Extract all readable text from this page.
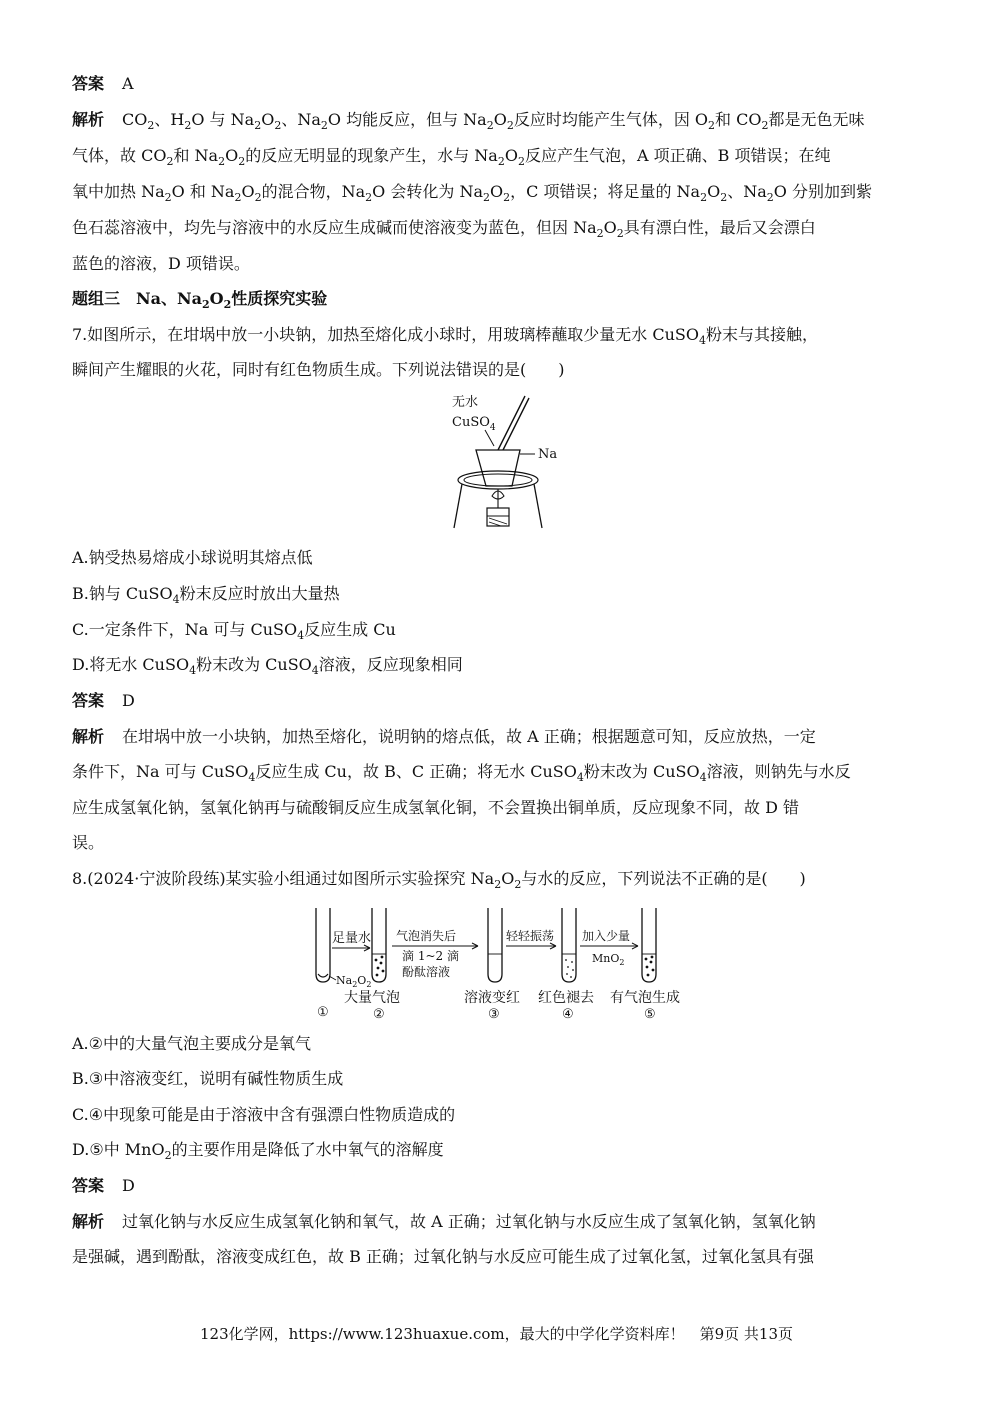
答案 A
解析 $CO_2$、$H_2O$ 与 $Na_2O_2$、$Na_2O$ 均能反应，但与 $Na_2O_2$反应时均能产生气体，因 $O_2$和 $CO_2$都是无色无味
气体，故 $CO_2$和 $Na_2O_2$的反应无明显的现象产生，水与 $Na_2O_2$反应产生气泡，A 项正确、B 项错误；在纯
氧中加热 $Na_2O$ 和 $Na_2O_2$的混合物，$Na_2O$ 会转化为 $Na_2O_2$，C 项错误；将足量的 $Na_2O_2$、$Na_2O$ 分别加到紫
色石蕊溶液中，均先与溶液中的水反应生成碱而使溶液变为蓝色，但因 $Na_2O_2$具有漂白性，最后又会漂白
蓝色的溶液，D 项错误。
题组三　Na、$Na_2O_2$性质探究实验
7.如图所示，在坩埚中放一小块钠，加热至熔化成小球时，用玻璃棒蘸取少量无水 CuSO$_4$粉末与其接触，
瞬间产生耀眼的火花，同时有红色物质生成。下列说法错误的是(　　)
无水
CuSO$_4$
Na
A.钠受热易熔成小球说明其熔点低
B.钠与 CuSO$_4$粉末反应时放出大量热
C.一定条件下，Na 可与 CuSO$_4$反应生成 Cu
D.将无水 CuSO$_4$粉末改为 CuSO$_4$溶液，反应现象相同
答案 D
解析 在坩埚中放一小块钠，加热至熔化，说明钠的熔点低，故 A 正确；根据题意可知，反应放热，一定
条件下，Na 可与 CuSO$_4$反应生成 Cu，故 B、C 正确；将无水 CuSO$_4$粉末改为 CuSO$_4$溶液，则钠先与水反
应生成氢氧化钠，氢氧化钠再与硫酸铜反应生成氢氧化铜，不会置换出铜单质，反应现象不同，故 D 错
误。
8.(2024·宁波阶段练)某实验小组通过如图所示实验探究 $Na_2O_2$与水的反应，下列说法不正确的是(　　)
$Na_2O_2$
足量水 气泡消失后
滴 1~2 滴
酚酞溶液
轻轻振荡 加入少量
MnO$_2$
①
大量气泡
②
溶液变红
③
红色褪去
④
有气泡生成
⑤
A.②中的大量气泡主要成分是氧气
B.③中溶液变红，说明有碱性物质生成
C.④中现象可能是由于溶液中含有强漂白性物质造成的
D.⑤中 MnO$_2$的主要作用是降低了水中氧气的溶解度
答案 D
解析 过氧化钠与水反应生成氢氧化钠和氧气，故 A 正确；过氧化钠与水反应生成了氢氧化钠，氢氧化钠
是强碱，遇到酚酞，溶液变成红色，故 B 正确；过氧化钠与水反应可能生成了过氧化氢，过氧化氢具有强
123化学网，https://www.123huaxue.com，最大的中学化学资料库！　第9页 共13页
